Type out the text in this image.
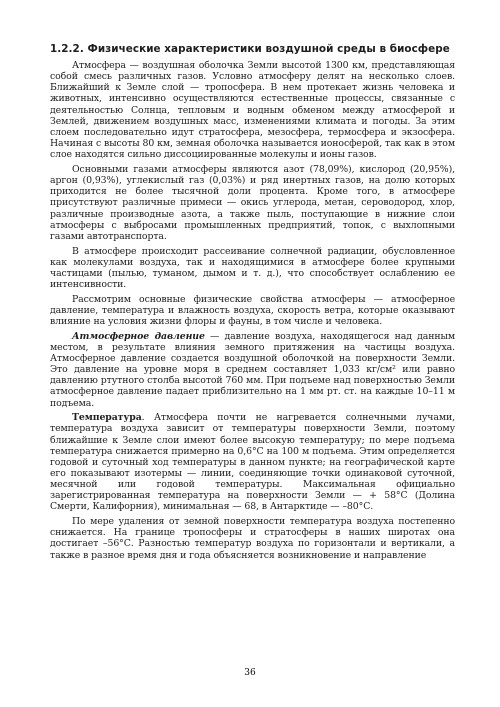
1.2.2. Физические характеристики воздушной среды в биосфере

Атмосфера — воздушная оболочка Земли высотой 1300 км, представляющая собой смесь различных газов. Условно атмосферу делят на несколько слоев. Ближайший к Земле слой — тропосфера. В нем протекает жизнь человека и животных, интенсивно осуществляются естественные процессы, связанные с деятельностью Солнца, тепловым и водным обменом между атмосферой и Землей, движением воздушных масс, изменениями климата и погоды. За этим слоем последовательно идут стратосфера, мезосфера, термосфера и экзосфера. Начиная с высоты 80 км, земная оболочка называется ионосферой, так как в этом слое находятся сильно диссоциированные молекулы и ионы газов.

Основными газами атмосферы являются азот (78,09%), кислород (20,95%), аргон (0,93%), углекислый газ (0,03%) и ряд инертных газов, на долю которых приходится не более тысячной доли процента. Кроме того, в атмосфере присутствуют различные примеси — окись углерода, метан, сероводород, хлор, различные производные азота, а также пыль, поступающие в нижние слои атмосферы с выбросами промышленных предприятий, топок, с выхлопными газами автотранспорта.

В атмосфере происходит рассеивание солнечной радиации, обусловленное как молекулами воздуха, так и находящимися в атмосфере более крупными частицами (пылью, туманом, дымом и т. д.), что способствует ослаблению ее интенсивности.

Рассмотрим основные физические свойства атмосферы — атмосферное давление, температура и влажность воздуха, скорость ветра, которые оказывают влияние на условия жизни флоры и фауны, в том числе и человека.

Атмосферное давление — давление воздуха, находящегося над данным местом, в результате влияния земного притяжения на частицы воздуха. Атмосферное давление создается воздушной оболочкой на поверхности Земли. Это давление на уровне моря в среднем составляет 1,033 кг/см² или равно давлению ртутного столба высотой 760 мм. При подъеме над поверхностью Земли атмосферное давление падает приблизительно на 1 мм рт. ст. на каждые 10–11 м подъема.

Температура. Атмосфера почти не нагревается солнечными лучами, температура воздуха зависит от температуры поверхности Земли, поэтому ближайшие к Земле слои имеют более высокую температуру; по мере подъема температура снижается примерно на 0,6°С на 100 м подъема. Этим определяется годовой и суточный ход температуры в данном пункте; на географической карте его показывают изотермы — линии, соединяющие точки одинаковой суточной, месячной или годовой температуры. Максимальная официально зарегистрированная температура на поверхности Земли — + 58°С (Долина Смерти, Калифорния), минимальная — 68, в Антарктиде — –80°С.

По мере удаления от земной поверхности температура воздуха постепенно снижается. На границе тропосферы и стратосферы в наших широтах она достигает –56°С. Разностью температур воздуха по горизонтали и вертикали, а также в разное время дня и года объясняется возникновение и направление

36
